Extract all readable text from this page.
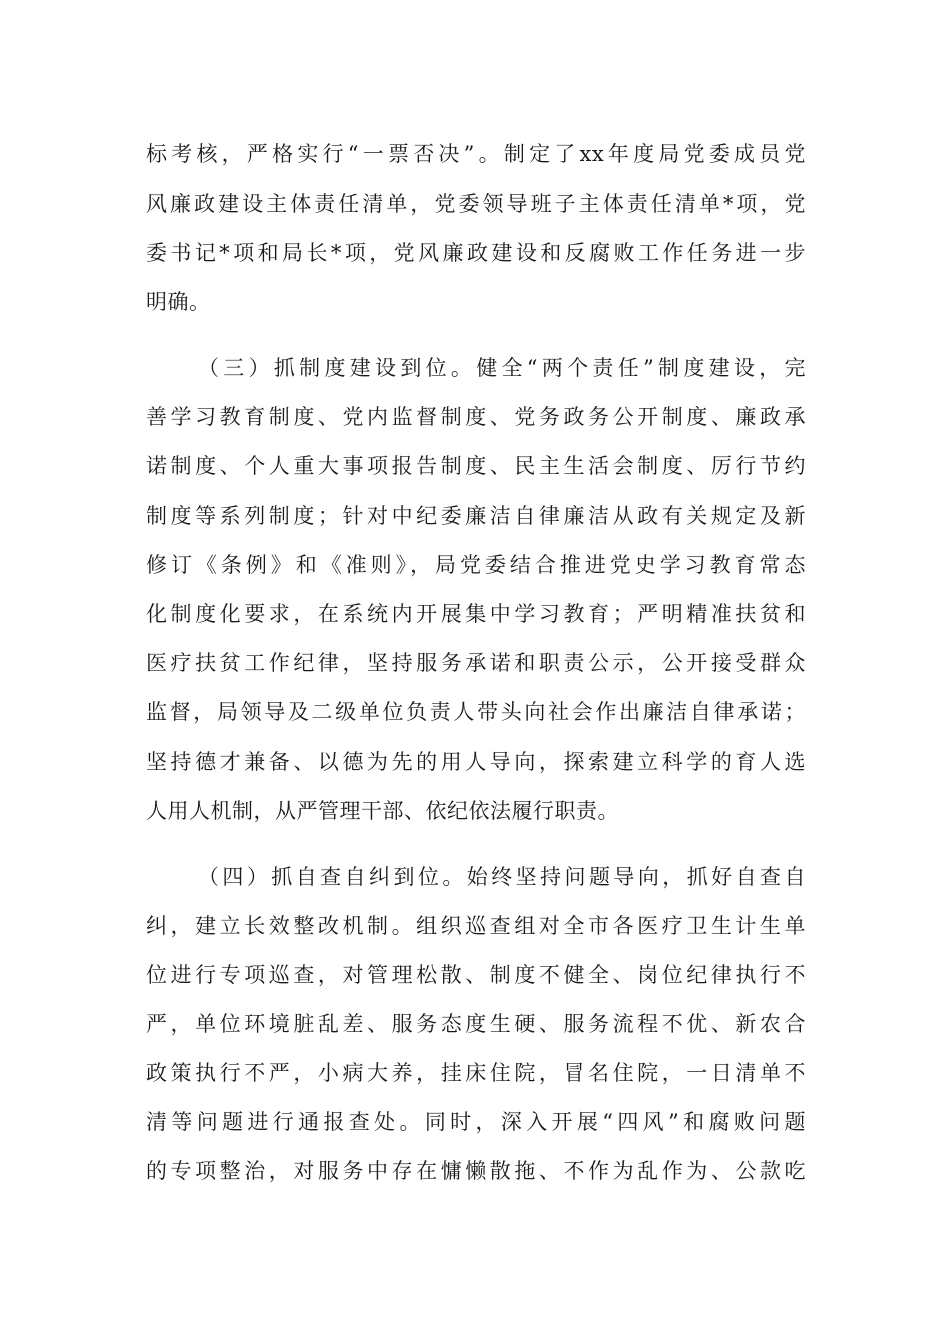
标考核，严格实行“一票否决”。制定了xx年度局党委成员党

风廉政建设主体责任清单，党委领导班子主体责任清单*项，党

委书记*项和局长*项，党风廉政建设和反腐败工作任务进一步

明确。

（三）抓制度建设到位。健全“两个责任”制度建设，完

善学习教育制度、党内监督制度、党务政务公开制度、廉政承

诺制度、个人重大事项报告制度、民主生活会制度、厉行节约

制度等系列制度；针对中纪委廉洁自律廉洁从政有关规定及新

修订《条例》和《准则》，局党委结合推进党史学习教育常态

化制度化要求，在系统内开展集中学习教育；严明精准扶贫和

医疗扶贫工作纪律，坚持服务承诺和职责公示，公开接受群众

监督，局领导及二级单位负责人带头向社会作出廉洁自律承诺；

坚持德才兼备、以德为先的用人导向，探索建立科学的育人选

人用人机制，从严管理干部、依纪依法履行职责。

（四）抓自查自纠到位。始终坚持问题导向，抓好自查自

纠，建立长效整改机制。组织巡查组对全市各医疗卫生计生单

位进行专项巡查，对管理松散、制度不健全、岗位纪律执行不

严，单位环境脏乱差、服务态度生硬、服务流程不优、新农合

政策执行不严，小病大养，挂床住院，冒名住院，一日清单不

清等问题进行通报查处。同时，深入开展“四风”和腐败问题

的专项整治，对服务中存在慵懒散拖、不作为乱作为、公款吃
